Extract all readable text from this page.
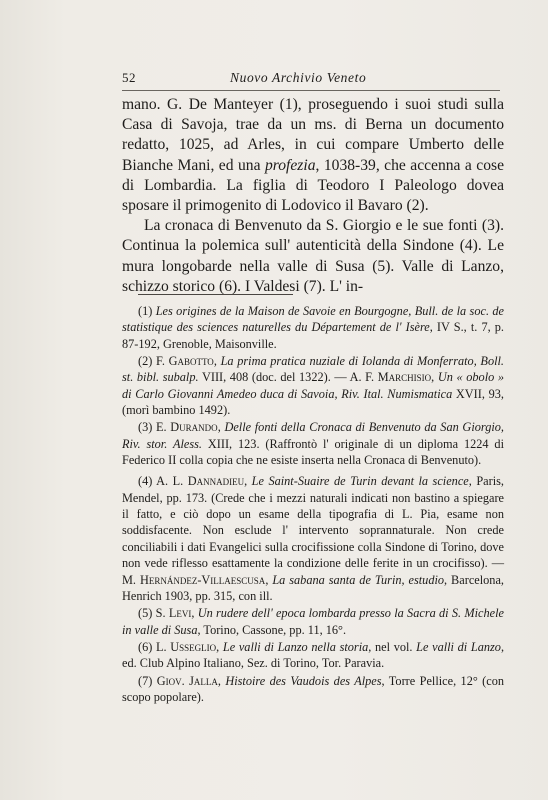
52	Nuovo Archivio Veneto

mano. G. De Manteyer (1), proseguendo i suoi studi sulla Casa di Savoja, trae da un ms. di Berna un documento redatto, 1025, ad Arles, in cui compare Umberto delle Bianche Mani, ed una profezia, 1038-39, che accenna a cose di Lombardia. La figlia di Teodoro I Paleologo dovea sposare il primogenito di Lodovico il Bavaro (2).

La cronaca di Benvenuto da S. Giorgio e le sue fonti (3). Continua la polemica sull' autenticità della Sindone (4). Le mura longobarde nella valle di Susa (5). Valle di Lanzo, schizzo storico (6). I Valdesi (7). L' in-

(1) Les origines de la Maison de Savoie en Bourgogne, Bull. de la soc. de statistique des sciences naturelles du Département de l' Isère, IV S., t. 7, p. 87-192, Grenoble, Maisonville.

(2) F. Gabotto, La prima pratica nuziale di Iolanda di Monferrato, Boll. st. bibl. subalp. VIII, 408 (doc. del 1322). — A. F. Marchisio, Un « obolo » di Carlo Giovanni Amedeo duca di Savoia, Riv. Ital. Numismatica XVII, 93, (morì bambino 1492).

(3) E. Durando, Delle fonti della Cronaca di Benvenuto da San Giorgio, Riv. stor. Aless. XIII, 123. (Raffrontò l' originale di un diploma 1224 di Federico II colla copia che ne esiste inserta nella Cronaca di Benvenuto).

(4) A. L. Dannadieu, Le Saint-Suaire de Turin devant la science, Paris, Mendel, pp. 173. (Crede che i mezzi naturali indicati non bastino a spiegare il fatto, e ciò dopo un esame della tipografia di L. Pia, esame non soddisfacente. Non esclude l' intervento soprannaturale. Non crede conciliabili i dati Evangelici sulla crocifissione colla Sindone di Torino, dove non vede riflesso esattamente la condizione delle ferite in un crocifisso). — M. Hernández-Villaescusa, La sabana santa de Turin, estudio, Barcelona, Henrich 1903, pp. 315, con ill.

(5) S. Levi, Un rudere dell' epoca lombarda presso la Sacra di S. Michele in valle di Susa, Torino, Cassone, pp. 11, 16°.

(6) L. Usseglio, Le valli di Lanzo nella storia, nel vol. Le valli di Lanzo, ed. Club Alpino Italiano, Sez. di Torino, Tor. Paravia.

(7) Giov. Jalla, Histoire des Vaudois des Alpes, Torre Pellice, 12° (con scopo popolare).
